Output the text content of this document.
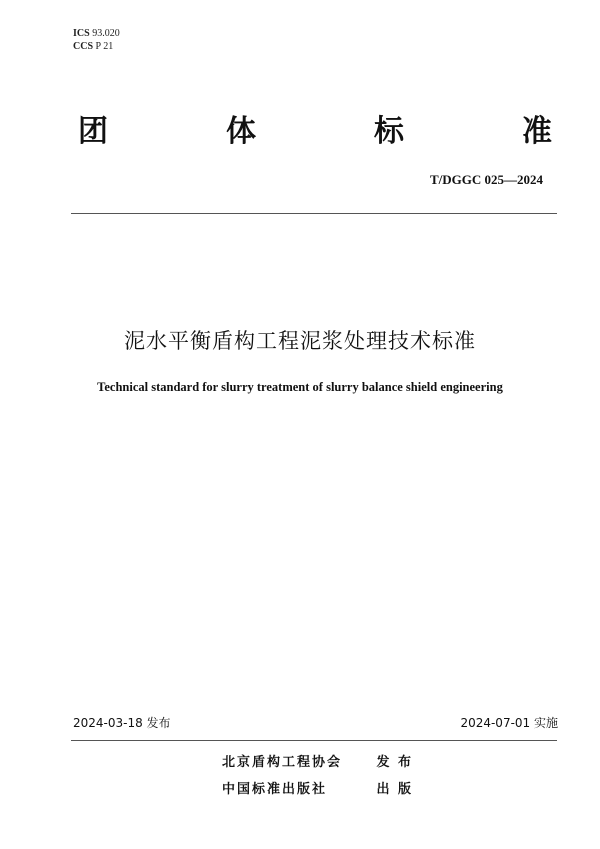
ICS 93.020
CCS P 21
团	体	标	准
T/DGGC 025—2024
泥水平衡盾构工程泥浆处理技术标准
Technical standard for slurry treatment of slurry balance shield engineering
2024-03-18 发布	2024-07-01 实施
北京盾构工程协会	发 布
中国标准出版社	出 版
